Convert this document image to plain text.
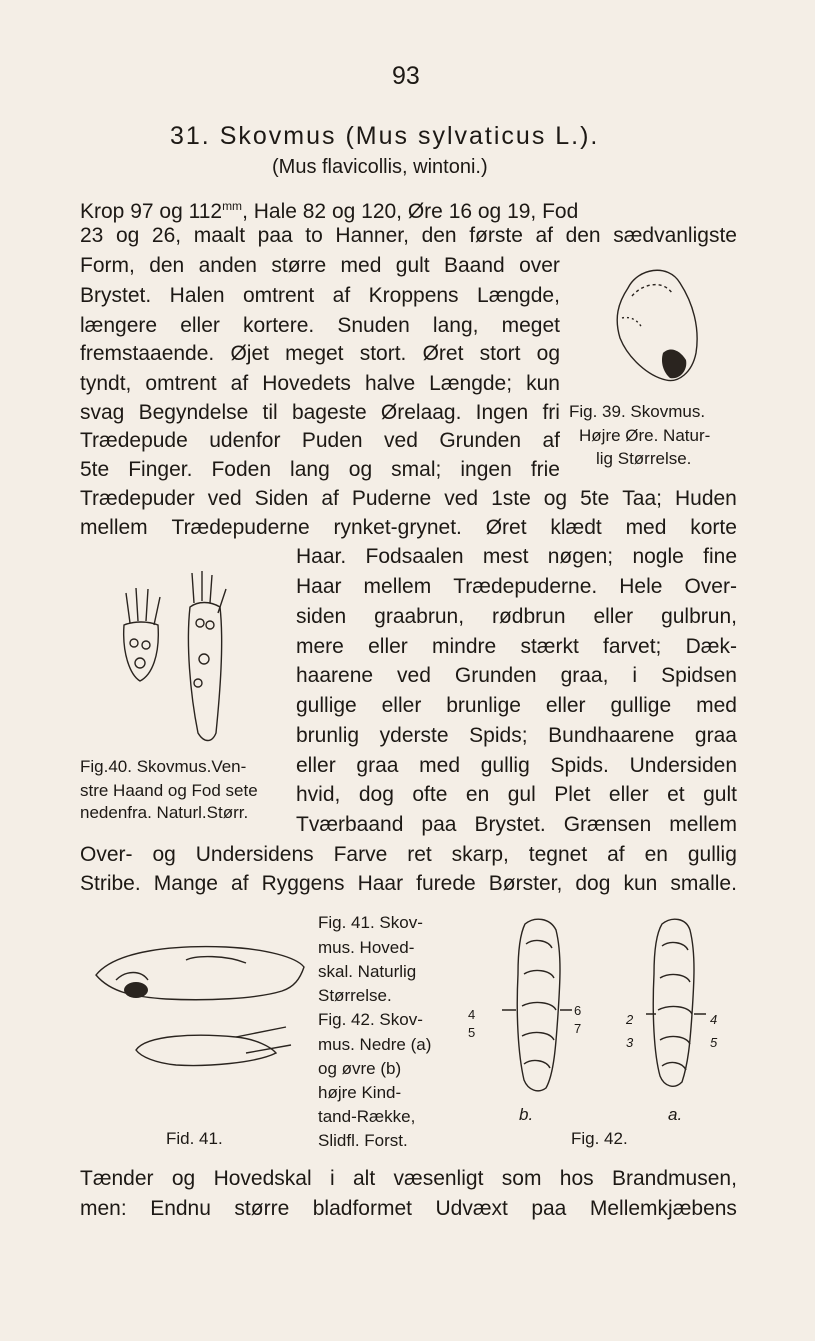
93
31. Skovmus (Mus sylvaticus L.).
(Mus flavicollis, wintoni.)
Krop 97 og $112^{mm}$, Hale 82 og 120, Øre 16 og 19, Fod
23 og 26, maalt paa to Hanner, den første af den sædvanligste
Form, den anden større med gult Baand over
Brystet. Halen omtrent af Kroppens Længde,
længere eller kortere. Snuden lang, meget
fremstaaende. Øjet meget stort. Øret stort og
tyndt, omtrent af Hovedets halve Længde; kun
svag Begyndelse til bageste Ørelaag. Ingen fri
Trædepude udenfor Puden ved Grunden af
5te Finger. Foden lang og smal; ingen frie
Trædepuder ved Siden af Puderne ved 1ste og 5te Taa; Huden
mellem Trædepuderne rynket-grynet. Øret klædt med korte
Haar. Fodsaalen mest nøgen; nogle fine
Haar mellem Trædepuderne. Hele Over-
siden graabrun, rødbrun eller gulbrun,
mere eller mindre stærkt farvet; Dæk-
haarene ved Grunden graa, i Spidsen
gullige eller brunlige eller gullige med
brunlig yderste Spids; Bundhaarene graa
eller graa med gullig Spids. Undersiden
hvid, dog ofte en gul Plet eller et gult
Tværbaand paa Brystet. Grænsen mellem
Over- og Undersidens Farve ret skarp, tegnet af en gullig
Stribe. Mange af Ryggens Haar furede Børster, dog kun smalle.
Tænder og Hovedskal i alt væsenligt som hos Brandmusen,
men: Endnu større bladformet Udvæxt paa Mellemkjæbens
Fig. 39. Skovmus.
Højre Øre. Natur-
lig Størrelse.
Fig.40. Skovmus.Ven-
stre Haand og Fod sete
nedenfra. Naturl.Størr.
Fid. 41.
Fig. 41. Skov-
mus. Hoved-
skal. Naturlig
Størrelse.
Fig. 42. Skov-
mus. Nedre (a)
og øvre (b)
højre Kind-
tand-Række,
Slidfl. Forst.
4
5
6
7
b.
2
3
4
5
a.
Fig. 42.
